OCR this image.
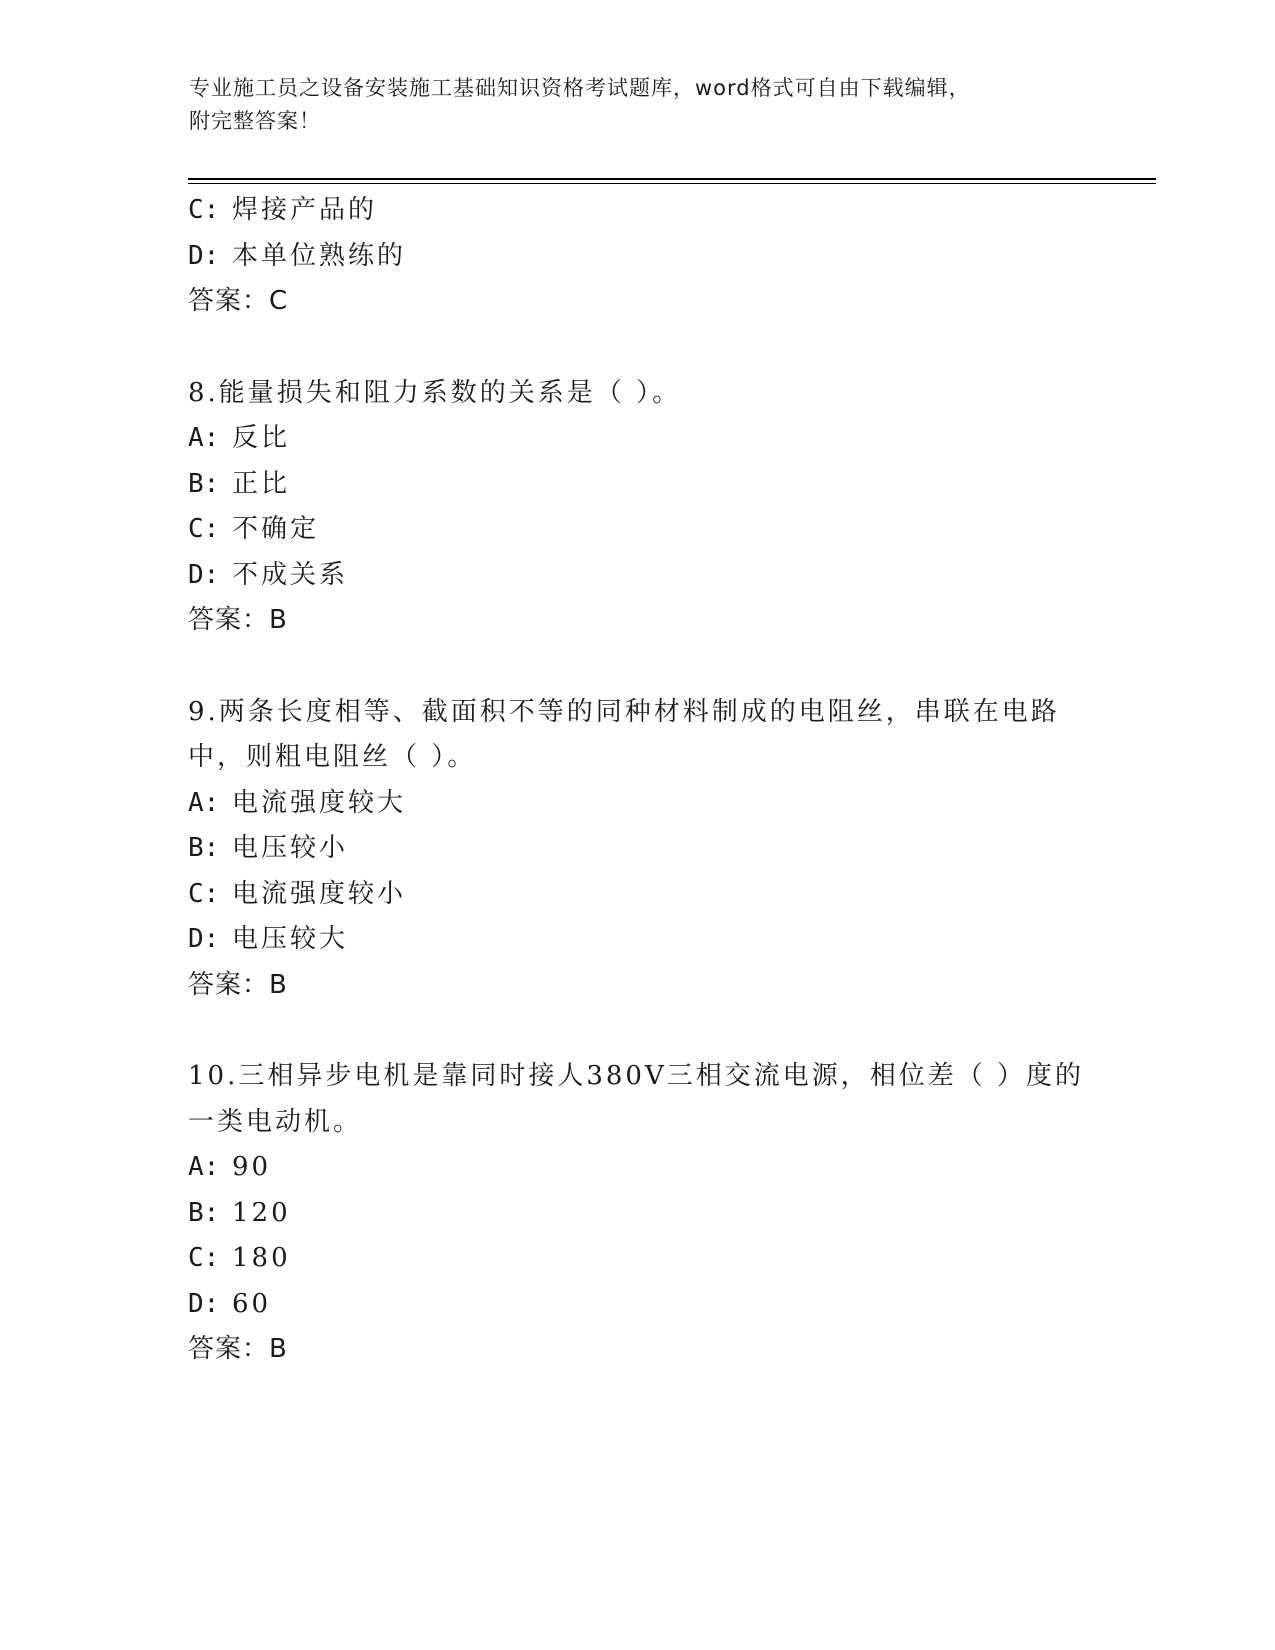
专业施工员之设备安装施工基础知识资格考试题库，word格式可自由下载编辑，
附完整答案！
C: 焊接产品的
D: 本单位熟练的
答案：C
8.能量损失和阻力系数的关系是（ ）。
A: 反比
B: 正比
C: 不确定
D: 不成关系
答案：B
9.两条长度相等、截面积不等的同种材料制成的电阻丝，串联在电路中，则粗电阻丝（ ）。
A: 电流强度较大
B: 电压较小
C: 电流强度较小
D: 电压较大
答案：B
10.三相异步电机是靠同时接人380V三相交流电源，相位差（ ）度的一类电动机。
A: 90
B: 120
C: 180
D: 60
答案：B
